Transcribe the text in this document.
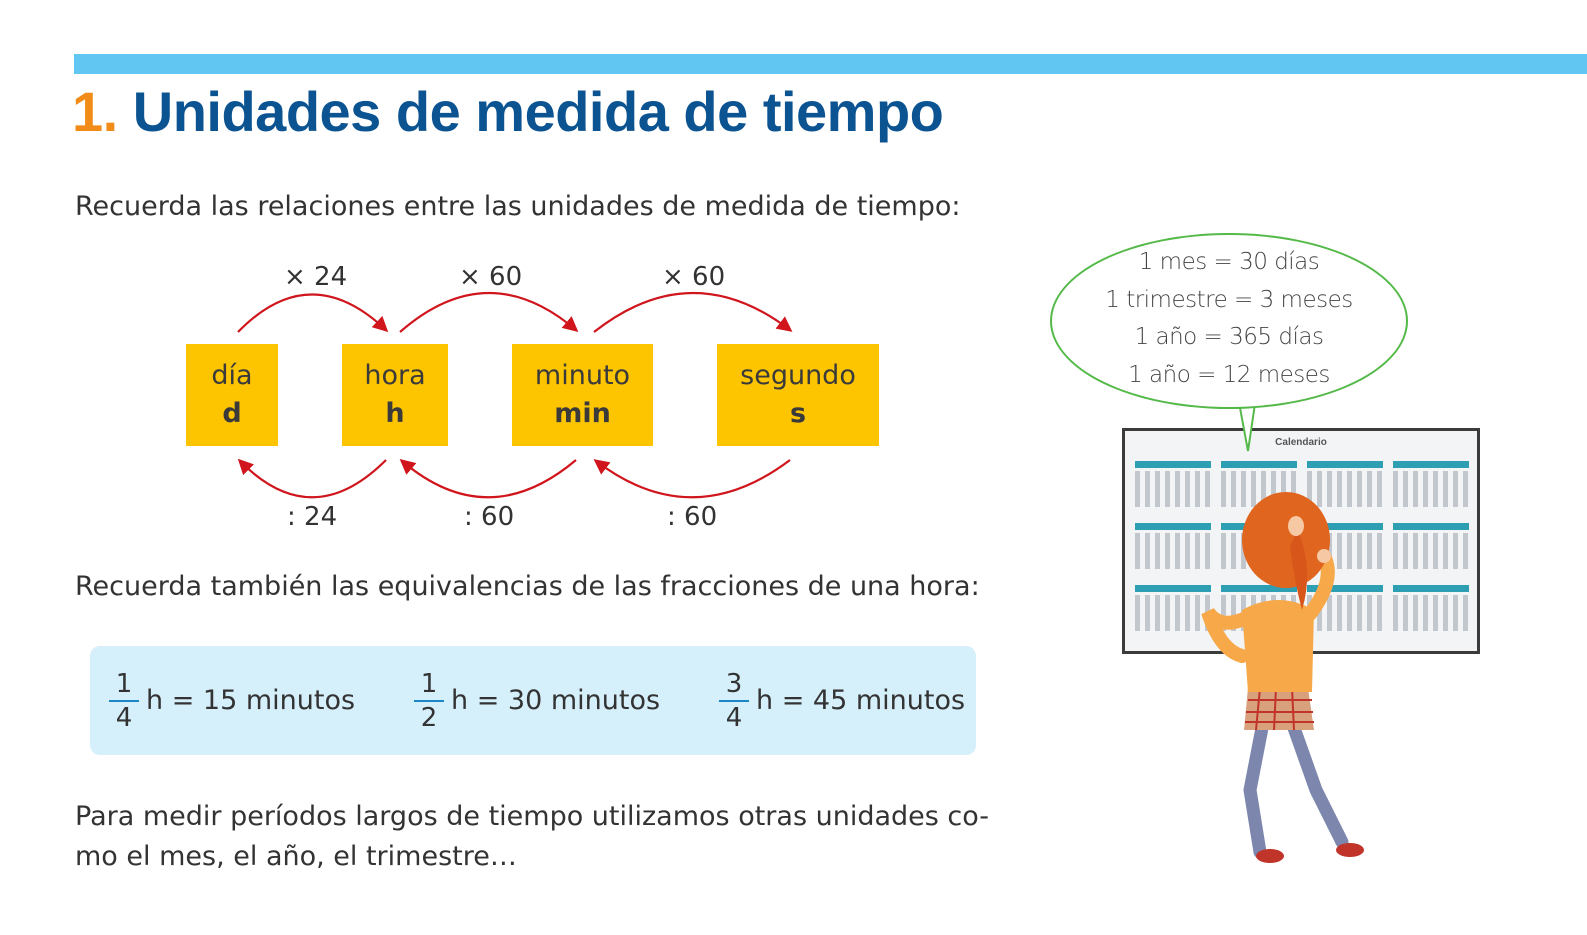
1. Unidades de medida de tiempo

Recuerda las relaciones entre las unidades de medida de tiempo:

× 24	× 60	× 60
día
d
hora
h
minuto
min
segundo
s
: 24	: 60	: 60

Recuerda también las equivalencias de las fracciones de una hora:

$\frac{1}{4}$ h = 15 minutos $\frac{1}{2}$ h = 30 minutos $\frac{3}{4}$ h = 45 minutos

Para medir períodos largos de tiempo utilizamos otras unidades co-
mo el mes, el año, el trimestre…

Calendario
1 mes = 30 días
1 trimestre = 3 meses
1 año = 365 días
1 año = 12 meses
